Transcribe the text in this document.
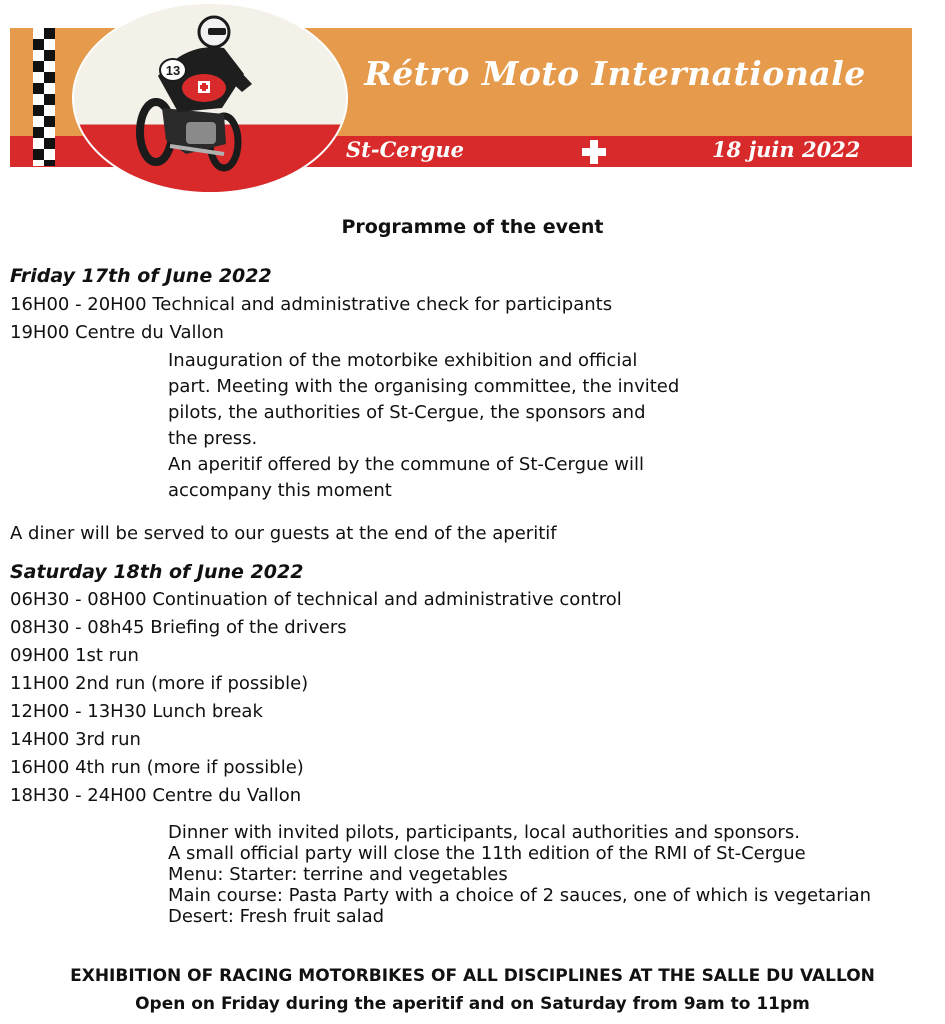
13	Rétro Moto Internationale
St-Cergue	18 juin 2022
Programme of the event
Friday 17th of June 2022
16H00 - 20H00 Technical and administrative check for participants
19H00 Centre du Vallon
Inauguration of the motorbike exhibition and official
part. Meeting with the organising committee, the invited
pilots, the authorities of St-Cergue, the sponsors and
the press.
An aperitif offered by the commune of St-Cergue will
accompany this moment
A diner will be served to our guests at the end of the aperitif
Saturday 18th of June 2022
06H30 - 08H00 Continuation of technical and administrative control
08H30 - 08h45 Briefing of the drivers
09H00 1st run
11H00 2nd run (more if possible)
12H00 - 13H30 Lunch break
14H00 3rd run
16H00 4th run (more if possible)
18H30 - 24H00 Centre du Vallon
Dinner with invited pilots, participants, local authorities and sponsors.
A small official party will close the 11th edition of the RMI of St-Cergue
Menu: Starter: terrine and vegetables
Main course: Pasta Party with a choice of 2 sauces, one of which is vegetarian
Desert: Fresh fruit salad
EXHIBITION OF RACING MOTORBIKES OF ALL DISCIPLINES AT THE SALLE DU VALLON
Open on Friday during the aperitif and on Saturday from 9am to 11pm
